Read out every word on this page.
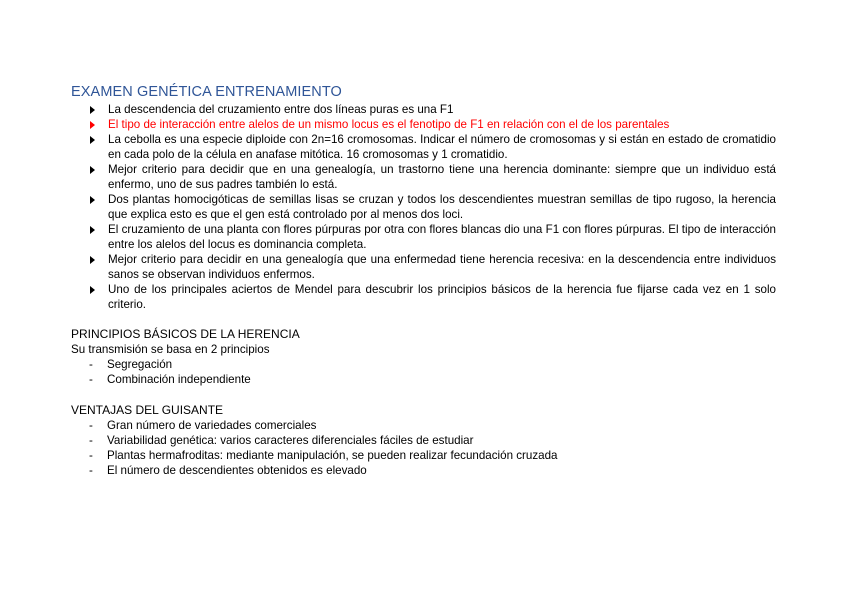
EXAMEN GENÉTICA ENTRENAMIENTO
La descendencia del cruzamiento entre dos líneas puras es una F1
El tipo de interacción entre alelos de un mismo locus es el fenotipo de F1 en relación con el de los parentales
La cebolla es una especie diploide con 2n=16 cromosomas. Indicar el número de cromosomas y si están en estado de cromatidio en cada polo de la célula en anafase mitótica. 16 cromosomas y 1 cromatidio.
Mejor criterio para decidir que en una genealogía, un trastorno tiene una herencia dominante: siempre que un individuo está enfermo, uno de sus padres también lo está.
Dos plantas homocigóticas de semillas lisas se cruzan y todos los descendientes muestran semillas de tipo rugoso, la herencia que explica esto es que el gen está controlado por al menos dos loci.
El cruzamiento de una planta con flores púrpuras por otra con flores blancas dio una F1 con flores púrpuras. El tipo de interacción entre los alelos del locus es dominancia completa.
Mejor criterio para decidir en una genealogía que una enfermedad tiene herencia recesiva: en la descendencia entre individuos sanos se observan individuos enfermos.
Uno de los principales aciertos de Mendel para descubrir los principios básicos de la herencia fue fijarse cada vez en 1 solo criterio.
PRINCIPIOS BÁSICOS DE LA HERENCIA
Su transmisión se basa en 2 principios
- Segregación
- Combinación independiente
VENTAJAS DEL GUISANTE
- Gran número de variedades comerciales
- Variabilidad genética: varios caracteres diferenciales fáciles de estudiar
- Plantas hermafroditas: mediante manipulación, se pueden realizar fecundación cruzada
- El número de descendientes obtenidos es elevado
